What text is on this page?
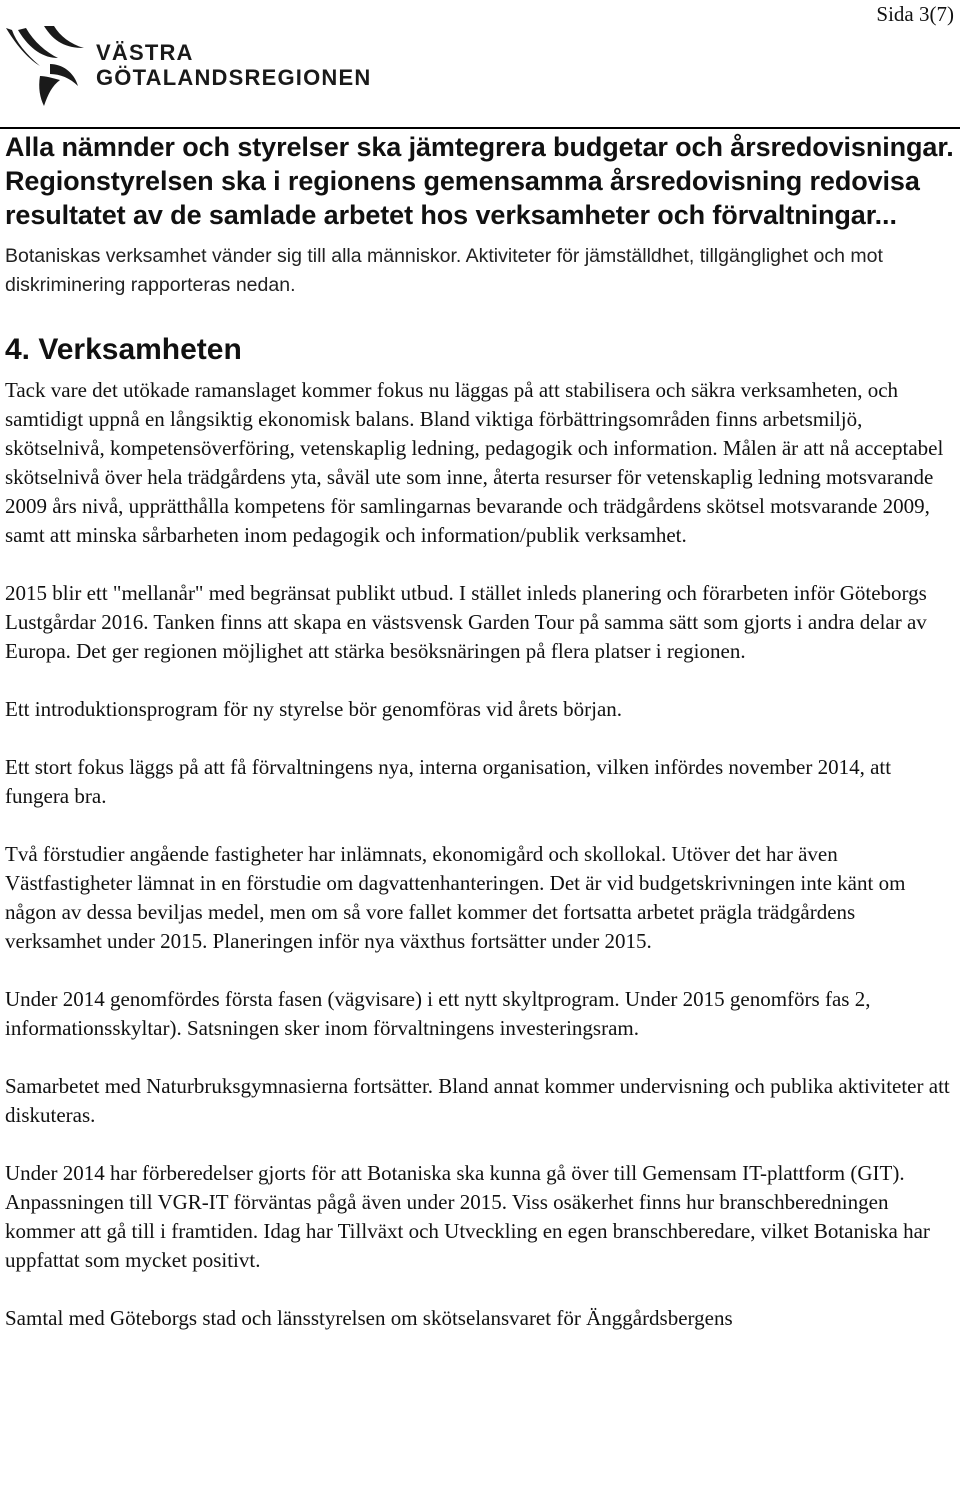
Sida 3(7)
VÄSTRA
GÖTALANDSREGIONEN

Alla nämnder och styrelser ska jämtegrera budgetar och årsredovisningar. Regionstyrelsen ska i regionens gemensamma årsredovisning redovisa resultatet av de samlade arbetet hos verksamheter och förvaltningar...

Botaniskas verksamhet vänder sig till alla människor. Aktiviteter för jämställdhet, tillgänglighet och mot diskriminering rapporteras nedan.

4. Verksamheten

Tack vare det utökade ramanslaget kommer fokus nu läggas på att stabilisera och säkra verksamheten, och samtidigt uppnå en långsiktig ekonomisk balans. Bland viktiga förbättringsområden finns arbetsmiljö, skötselnivå, kompetensöverföring, vetenskaplig ledning, pedagogik och information. Målen är att nå acceptabel skötselnivå över hela trädgårdens yta, såväl ute som inne, återta resurser för vetenskaplig ledning motsvarande 2009 års nivå, upprätthålla kompetens för samlingarnas bevarande och trädgårdens skötsel motsvarande 2009, samt att minska sårbarheten inom pedagogik och information/publik verksamhet.

2015 blir ett "mellanår" med begränsat publikt utbud. I stället inleds planering och förarbeten inför Göteborgs Lustgårdar 2016. Tanken finns att skapa en västsvensk Garden Tour på samma sätt som gjorts i andra delar av Europa. Det ger regionen möjlighet att stärka besöksnäringen på flera platser i regionen.

Ett introduktionsprogram för ny styrelse bör genomföras vid årets början.

Ett stort fokus läggs på att få förvaltningens nya, interna organisation, vilken infördes november 2014, att fungera bra.

Två förstudier angående fastigheter har inlämnats, ekonomigård och skollokal. Utöver det har även Västfastigheter lämnat in en förstudie om dagvattenhanteringen. Det är vid budgetskrivningen inte känt om någon av dessa beviljas medel, men om så vore fallet kommer det fortsatta arbetet prägla trädgårdens verksamhet under 2015. Planeringen inför nya växthus fortsätter under 2015.

Under 2014 genomfördes första fasen (vägvisare) i ett nytt skyltprogram. Under 2015 genomförs fas 2, informationsskyltar). Satsningen sker inom förvaltningens investeringsram.

Samarbetet med Naturbruksgymnasierna fortsätter. Bland annat kommer undervisning och publika aktiviteter att diskuteras.

Under 2014 har förberedelser gjorts för att Botaniska ska kunna gå över till Gemensam IT-plattform (GIT). Anpassningen till VGR-IT förväntas pågå även under 2015. Viss osäkerhet finns hur branschberedningen kommer att gå till i framtiden. Idag har Tillväxt och Utveckling en egen branschberedare, vilket Botaniska har uppfattat som mycket positivt.

Samtal med Göteborgs stad och länsstyrelsen om skötselansvaret för Änggårdsbergens
